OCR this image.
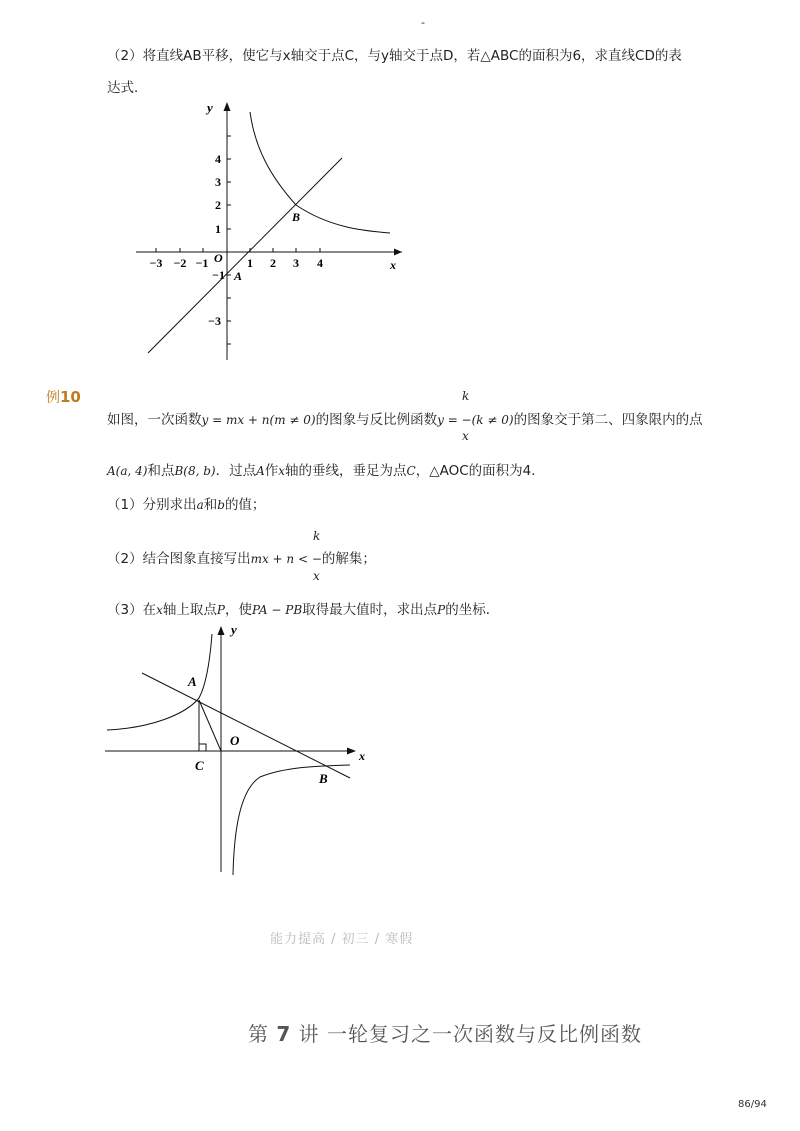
-
（2）将直线AB平移，使它与x轴交于点C，与y轴交于点D，若△ABC的面积为6，求直线CD的表
达式．
y
x
O
A
B
−3 −2 −1	1 2 3 4
4
3
2
1
−1
−3
例10	k
x
如图，一次函数y = mx + n(m ≠ 0)的图象与反比例函数y = −(k ≠ 0)的图象交于第二、四象限内的点
A(a, 4)和点B(8, b)．过点A作x轴的垂线，垂足为点C，△AOC的面积为4．
（1）分别求出a和b的值；
k
x
（2）结合图象直接写出mx + n < −的解集；
（3）在x轴上取点P，使PA − PB取得最大值时，求出点P的坐标．
y
x
A
B
C
O
能力提高 / 初三 / 寒假
第 7 讲 一轮复习之一次函数与反比例函数
86/94
